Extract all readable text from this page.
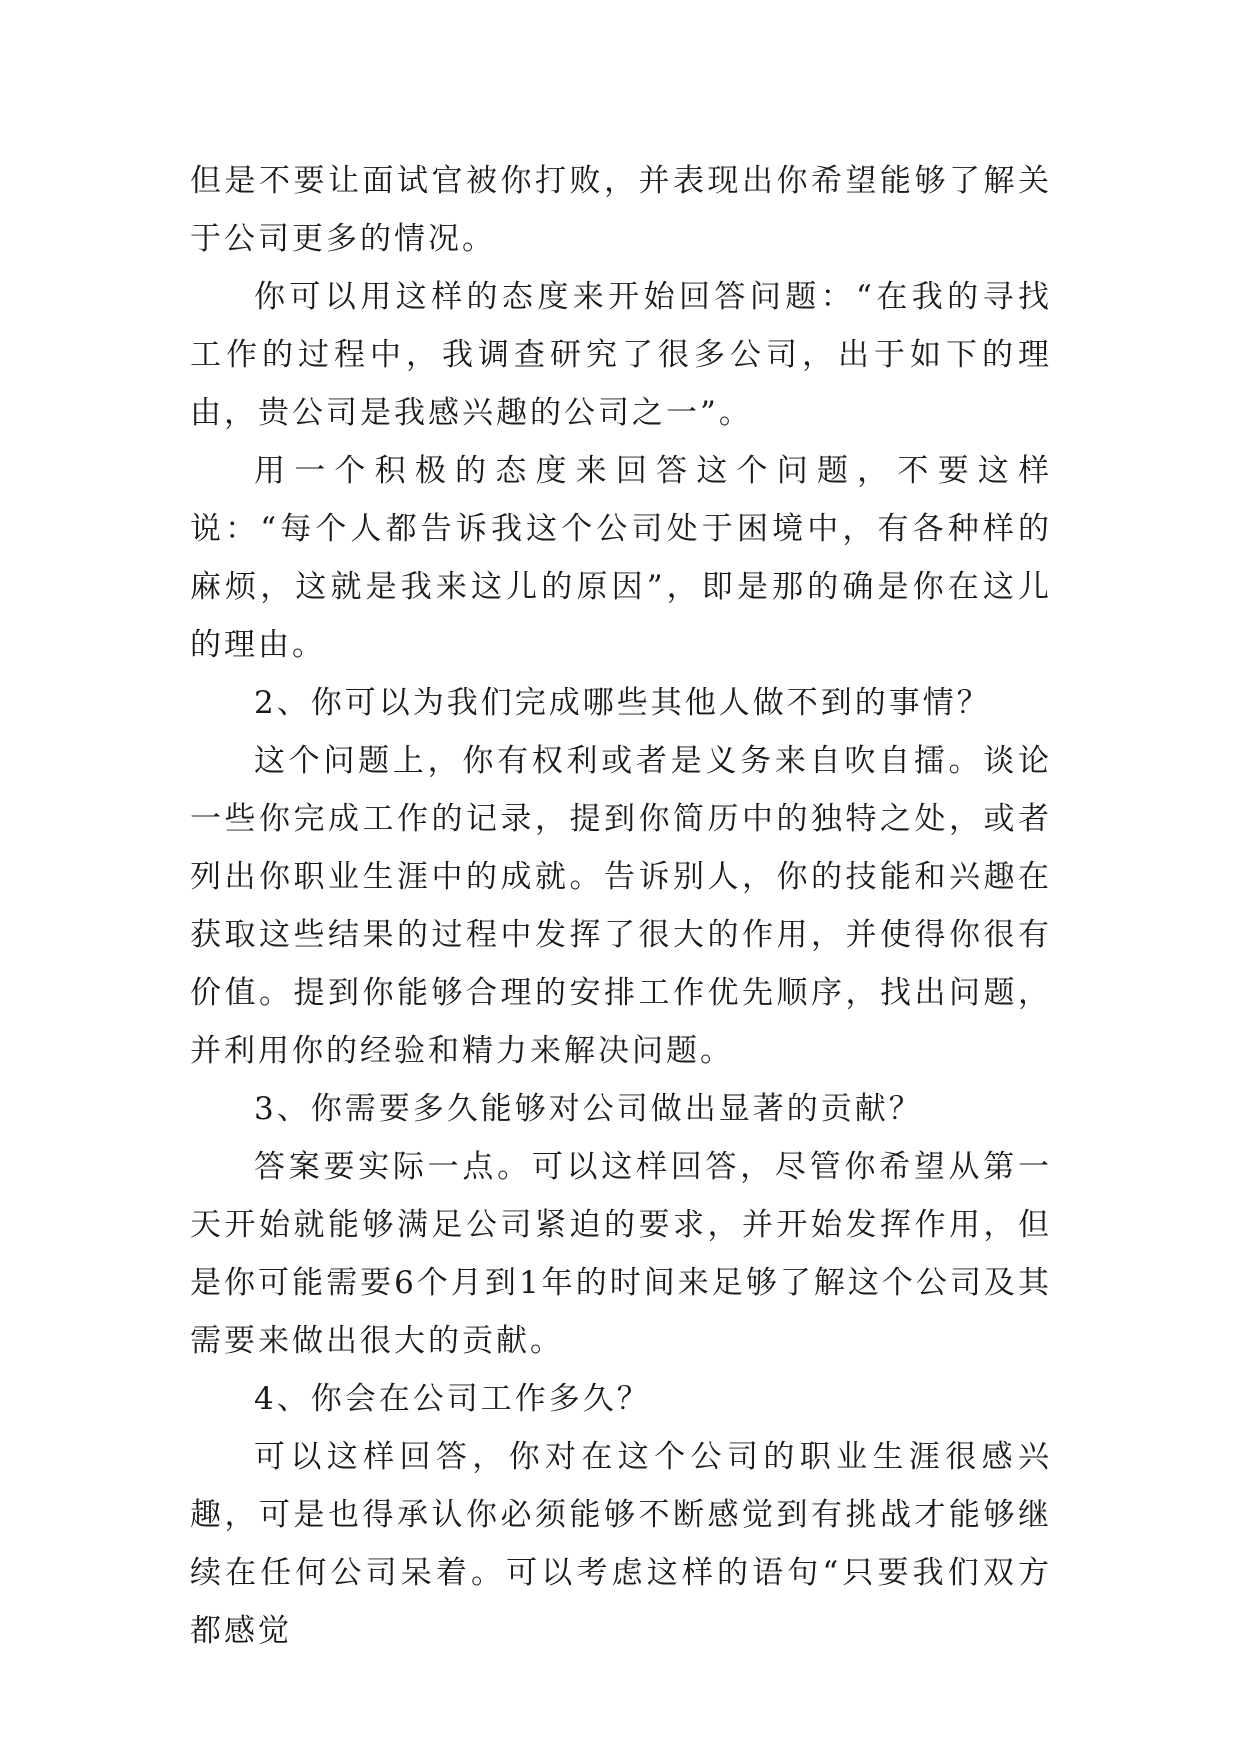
但是不要让面试官被你打败，并表现出你希望能够了解关于公司更多的情况。

你可以用这样的态度来开始回答问题：“在我的寻找工作的过程中，我调查研究了很多公司，出于如下的理由，贵公司是我感兴趣的公司之一”。

用一个积极的态度来回答这个问题，不要这样说：“每个人都告诉我这个公司处于困境中，有各种样的麻烦，这就是我来这儿的原因”，即是那的确是你在这儿的理由。

2、你可以为我们完成哪些其他人做不到的事情？

这个问题上，你有权利或者是义务来自吹自擂。谈论一些你完成工作的记录，提到你简历中的独特之处，或者列出你职业生涯中的成就。告诉别人，你的技能和兴趣在获取这些结果的过程中发挥了很大的作用，并使得你很有价值。提到你能够合理的安排工作优先顺序，找出问题，并利用你的经验和精力来解决问题。

3、你需要多久能够对公司做出显著的贡献？

答案要实际一点。可以这样回答，尽管你希望从第一天开始就能够满足公司紧迫的要求，并开始发挥作用，但是你可能需要6个月到1年的时间来足够了解这个公司及其需要来做出很大的贡献。

4、你会在公司工作多久？

可以这样回答，你对在这个公司的职业生涯很感兴趣，可是也得承认你必须能够不断感觉到有挑战才能够继续在任何公司呆着。可以考虑这样的语句“只要我们双方都感觉
